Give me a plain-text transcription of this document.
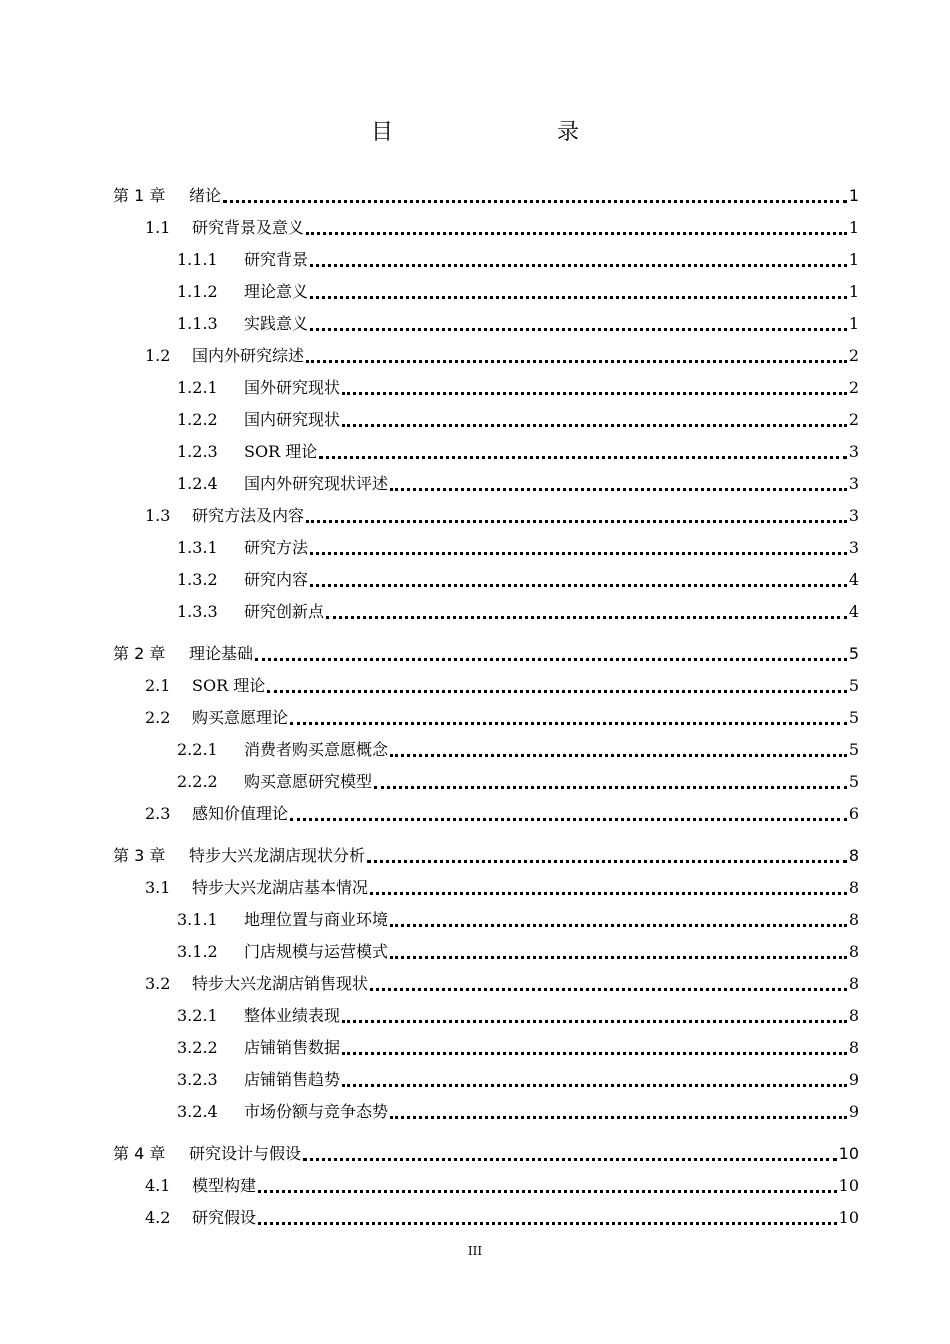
目　　录
第 1 章	绪论	1
1.1	研究背景及意义	1
1.1.1	研究背景	1
1.1.2	理论意义	1
1.1.3	实践意义	1
1.2	国内外研究综述	2
1.2.1	国外研究现状	2
1.2.2	国内研究现状	2
1.2.3	SOR 理论	3
1.2.4	国内外研究现状评述	3
1.3	研究方法及内容	3
1.3.1	研究方法	3
1.3.2	研究内容	4
1.3.3	研究创新点	4
第 2 章	理论基础	5
2.1	SOR 理论	5
2.2	购买意愿理论	5
2.2.1	消费者购买意愿概念	5
2.2.2	购买意愿研究模型	5
2.3	感知价值理论	6
第 3 章	特步大兴龙湖店现状分析	8
3.1	特步大兴龙湖店基本情况	8
3.1.1	地理位置与商业环境	8
3.1.2	门店规模与运营模式	8
3.2	特步大兴龙湖店销售现状	8
3.2.1	整体业绩表现	8
3.2.2	店铺销售数据	8
3.2.3	店铺销售趋势	9
3.2.4	市场份额与竞争态势	9
第 4 章	研究设计与假设	10
4.1	模型构建	10
4.2	研究假设	10
III
